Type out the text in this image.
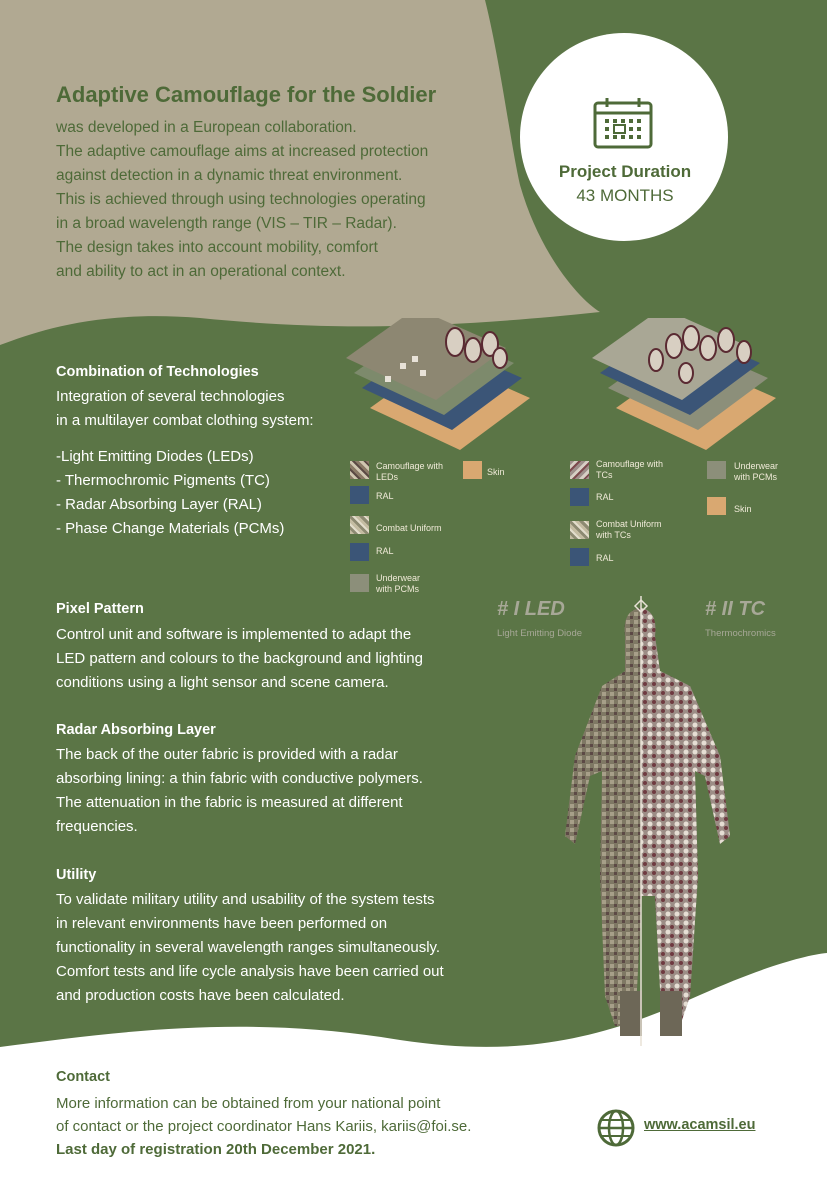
Adaptive Camouflage for the Soldier
was developed in a European collaboration.
The adaptive camouflage aims at increased protection
against detection in a dynamic threat environment.
This is achieved through using technologies operating
in a broad wavelength range (VIS – TIR – Radar).
The design takes into account mobility, comfort
and ability to act in an operational context.
Project Duration
43 MONTHS
Combination of Technologies
Integration of several technologies
in a multilayer combat clothing system:
-Light Emitting Diodes (LEDs)
- Thermochromic Pigments (TC)
- Radar Absorbing Layer (RAL)
- Phase Change Materials (PCMs)
Camouflage with LEDs	Skin
RAL
Combat Uniform
RAL
Underwear with PCMs
Camouflage with TCs
Underwear with PCMs
RAL
Skin
Combat Uniform with TCs
RAL
Pixel Pattern
Control unit and software is implemented to adapt the
LED pattern and colours to the background and lighting
conditions using a light sensor and scene camera.
Radar Absorbing Layer
The back of the outer fabric is provided with a radar
absorbing lining: a thin fabric with conductive polymers.
The attenuation in the fabric is measured at different
frequencies.
Utility
To validate military utility and usability of the system tests
in relevant environments have been performed on
functionality in several wavelength ranges simultaneously.
Comfort tests and life cycle analysis have been carried out
and production costs have been calculated.
# I LED
Light Emitting Diode
# II TC
Thermochromics
Contact
More information can be obtained from your national point
of contact or the project coordinator Hans Kariis, kariis@foi.se.
Last day of registration 20th December 2021.
www.acamsil.eu
